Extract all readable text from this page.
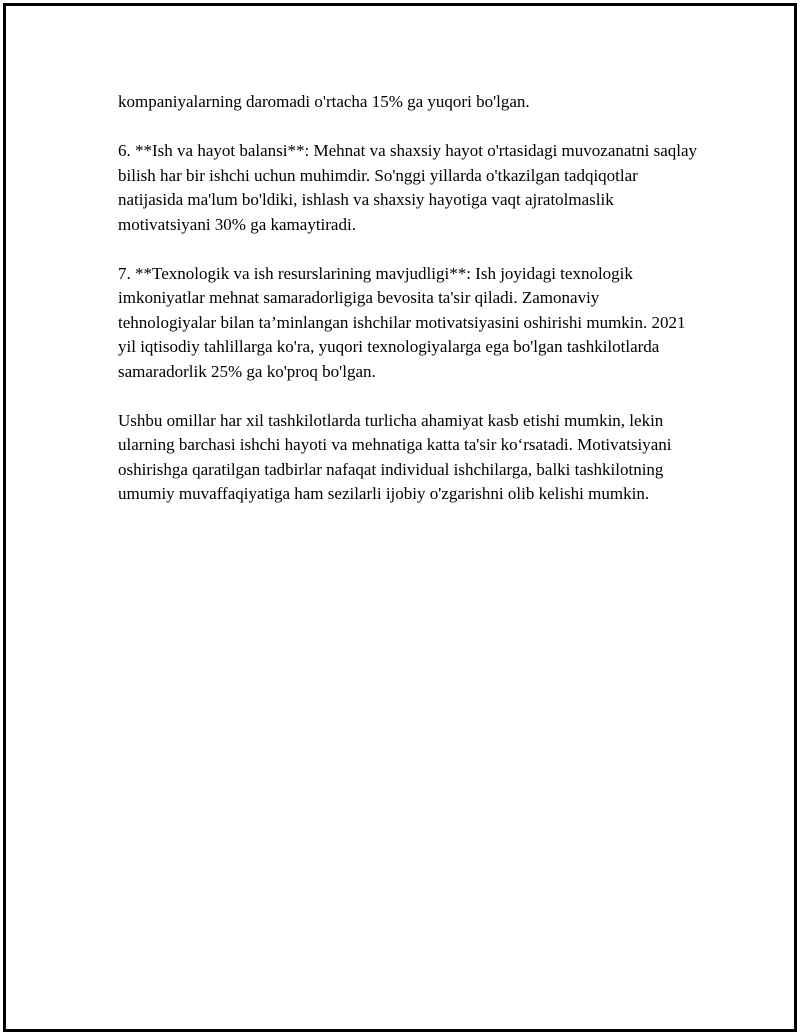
kompaniyalarning daromadi o'rtacha 15% ga yuqori bo'lgan.

6. **Ish va hayot balansi**: Mehnat va shaxsiy hayot o'rtasidagi muvozanatni saqlay bilish har bir ishchi uchun muhimdir. So'nggi yillarda o'tkazilgan tadqiqotlar natijasida ma'lum bo'ldiki, ishlash va shaxsiy hayotiga vaqt ajratolmaslik motivatsiyani 30% ga kamaytiradi.

7. **Texnologik va ish resurslarining mavjudligi**: Ish joyidagi texnologik imkoniyatlar mehnat samaradorligiga bevosita ta'sir qiladi. Zamonaviy tehnologiyalar bilan ta’minlangan ishchilar motivatsiyasini oshirishi mumkin. 2021 yil iqtisodiy tahlillarga ko'ra, yuqori texnologiyalarga ega bo'lgan tashkilotlarda samaradorlik 25% ga ko'proq bo'lgan.

Ushbu omillar har xil tashkilotlarda turlicha ahamiyat kasb etishi mumkin, lekin ularning barchasi ishchi hayoti va mehnatiga katta ta'sir ko‘rsatadi. Motivatsiyani oshirishga qaratilgan tadbirlar nafaqat individual ishchilarga, balki tashkilotning umumiy muvaffaqiyatiga ham sezilarli ijobiy o'zgarishni olib kelishi mumkin.
